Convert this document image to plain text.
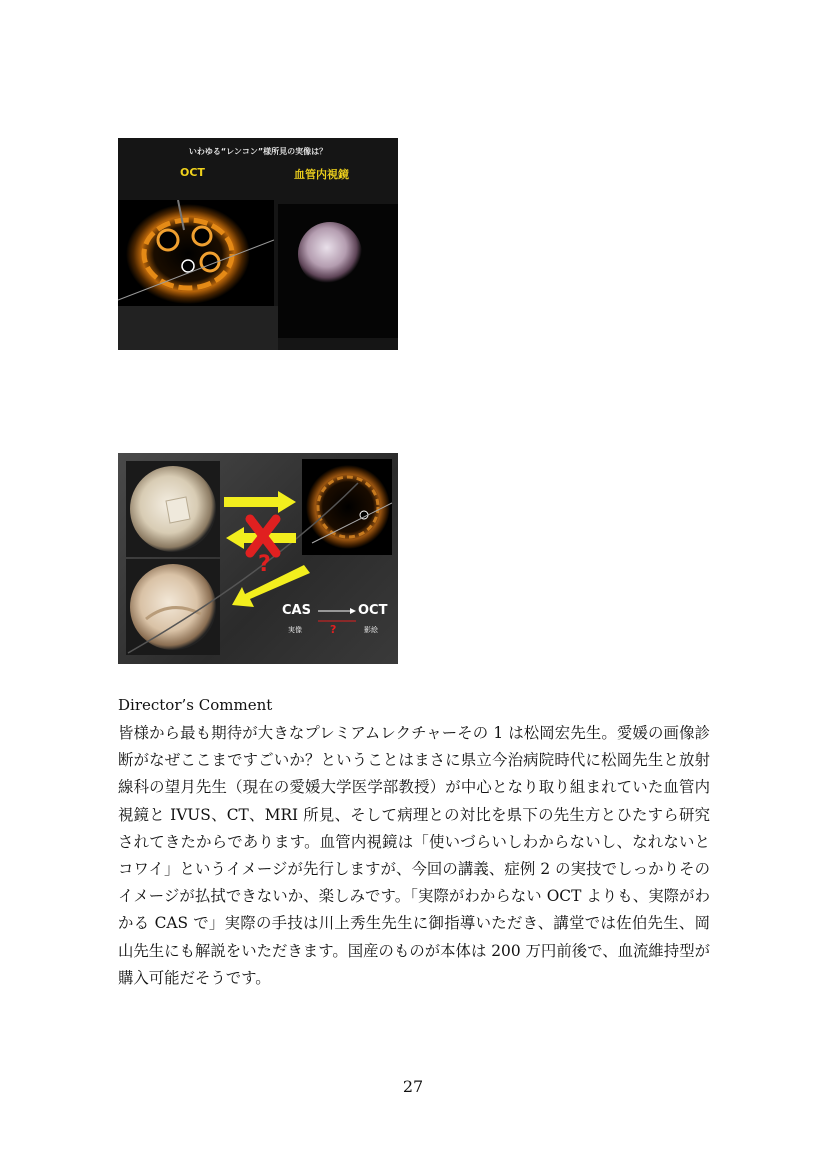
いわゆる“レンコン”様所見の実像は？
OCT	血管内視鏡
?
CAS	OCT
実像	影絵
?
Director’s Comment
皆様から最も期待が大きなプレミアムレクチャーその 1 は松岡宏先生。愛媛の画像診断がなぜここまですごいか？ということはまさに県立今治病院時代に松岡先生と放射線科の望月先生（現在の愛媛大学医学部教授）が中心となり取り組まれていた血管内視鏡と IVUS、CT、MRI 所見、そして病理との対比を県下の先生方とひたすら研究されてきたからであります。血管内視鏡は「使いづらいしわからないし、なれないとコワイ」というイメージが先行しますが、今回の講義、症例 2 の実技でしっかりそのイメージが払拭できないか、楽しみです。「実際がわからない OCT よりも、実際がわかる CAS で」実際の手技は川上秀生先生に御指導いただき、講堂では佐伯先生、岡山先生にも解説をいただきます。国産のものが本体は 200 万円前後で、血流維持型が購入可能だそうです。
27
